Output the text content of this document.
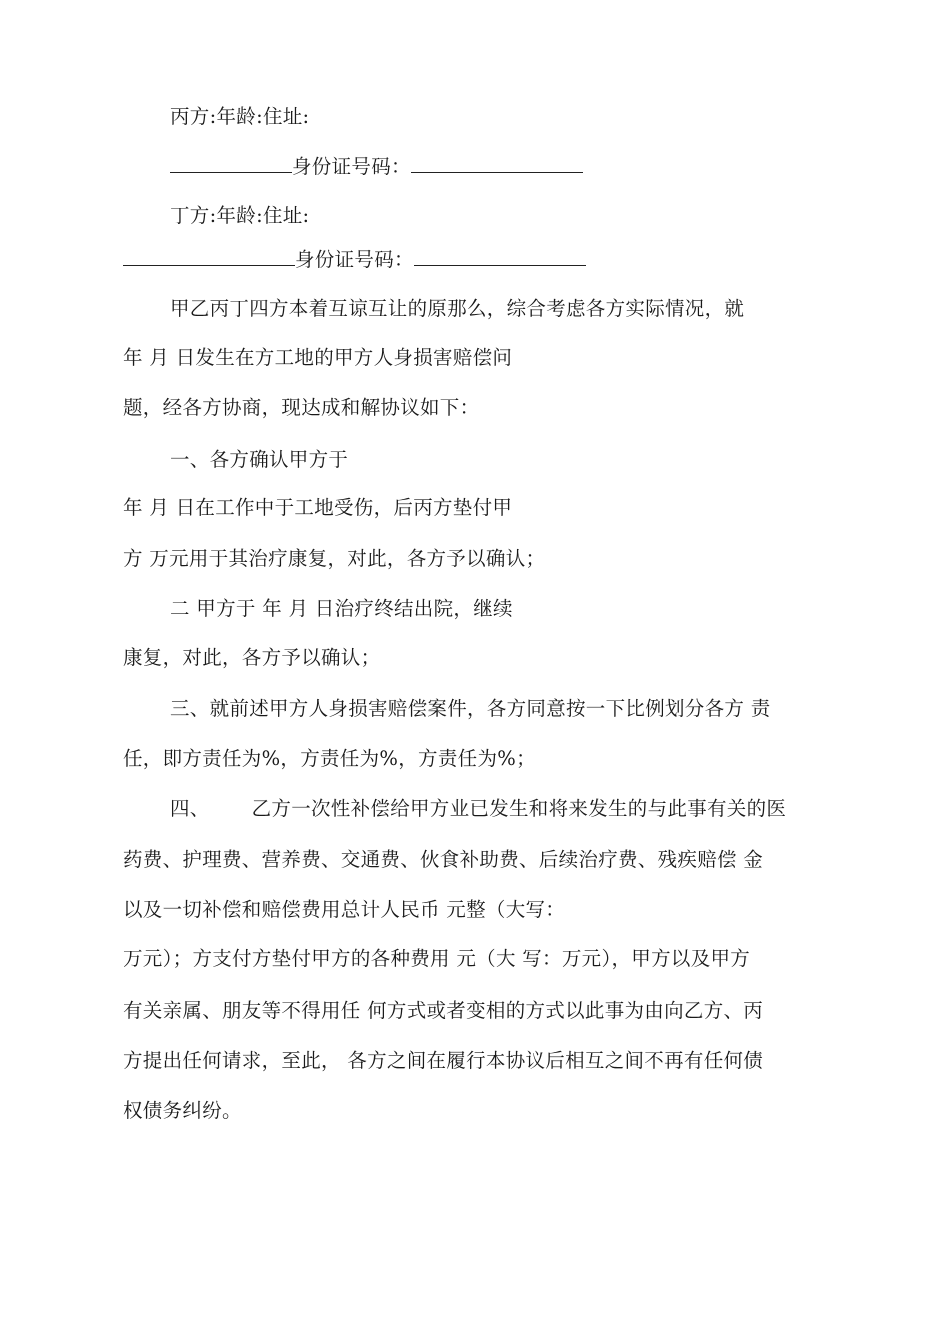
丙方:年龄:住址:
身份证号码：
丁方:年龄:住址:
身份证号码：
甲乙丙丁四方本着互谅互让的原那么，综合考虑各方实际情况，就
年 月 日发生在方工地的甲方人身损害赔偿问
题，经各方协商，现达成和解协议如下：
一、各方确认甲方于
年 月 日在工作中于工地受伤，后丙方垫付甲
方 万元用于其治疗康复，对此，各方予以确认；
二 甲方于 年 月 日治疗终结出院，继续
康复，对此，各方予以确认；
三、就前述甲方人身损害赔偿案件，各方同意按一下比例划分各方 责
任，即方责任为%，方责任为%，方责任为%；
四、 乙方一次性补偿给甲方业已发生和将来发生的与此事有关的医
药费、护理费、营养费、交通费、伙食补助费、后续治疗费、残疾赔偿 金
以及一切补偿和赔偿费用总计人民币 元整（大写：
万元）；方支付方垫付甲方的各种费用 元（大 写：万元），甲方以及甲方
有关亲属、朋友等不得用任 何方式或者变相的方式以此事为由向乙方、丙
方提出任何请求，至此， 各方之间在履行本协议后相互之间不再有任何债
权债务纠纷。
